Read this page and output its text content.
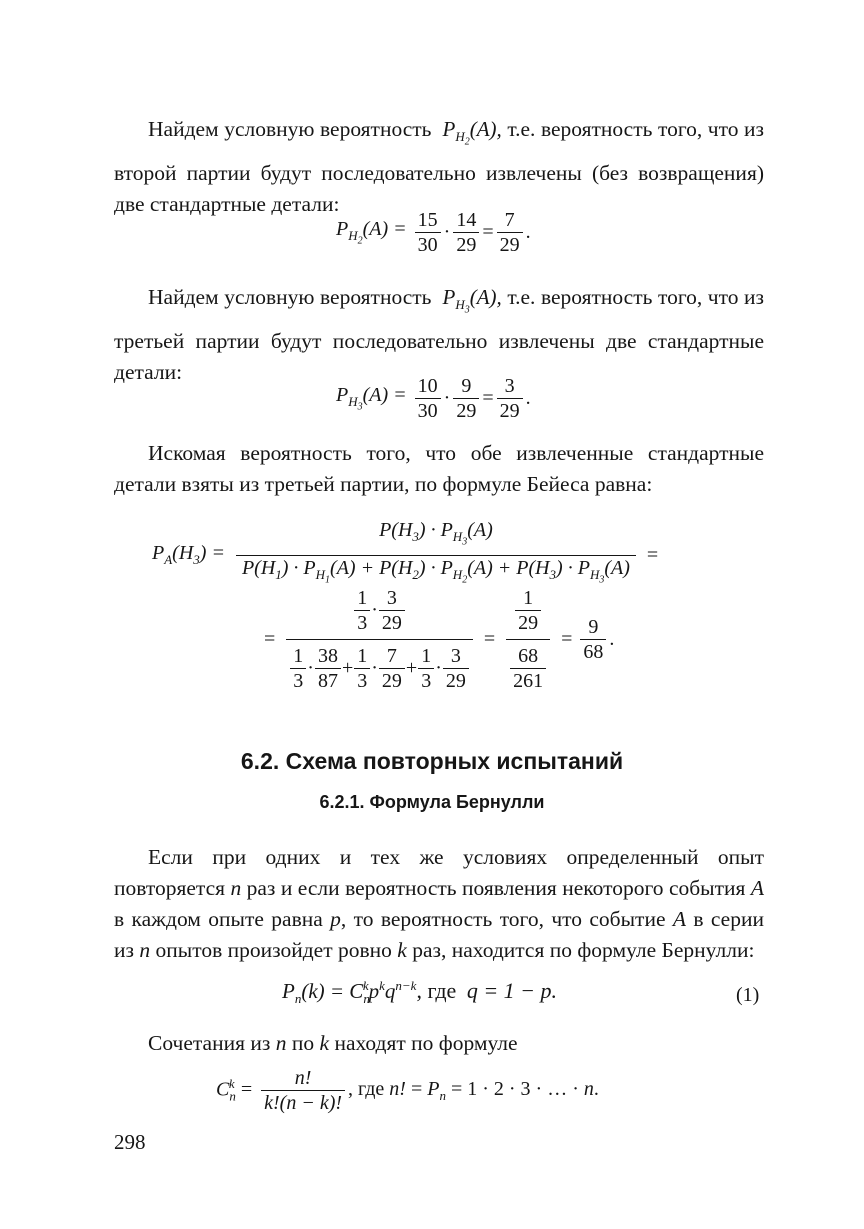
Найдем условную вероятность  $P_{H_2}(A)$, т.е. вероятность того, что из второй партии будут последовательно извлечены (без возвращения) две стандартные детали:
$P_{H_2}(A) = \frac{15}{30} \cdot \frac{14}{29} = \frac{7}{29}$ .
Найдем условную вероятность  $P_{H_3}(A)$, т.е. вероятность того, что из третьей партии будут последовательно извлечены две стандартные детали:
$P_{H_3}(A) = \frac{10}{30} \cdot \frac{9}{29} = \frac{3}{29}$ .
Искомая вероятность того, что обе извлеченные стандартные детали взяты из третьей партии, по формуле Бейеса равна:
$P_A(H_3) = \frac{P(H_3) \cdot P_{H_3}(A)}{P(H_1) \cdot P_{H_1}(A) + P(H_2) \cdot P_{H_2}(A) + P(H_3) \cdot P_{H_3}(A)}$ =
= $\frac{\frac{1}{3} \cdot \frac{3}{29}}{\frac{1}{3} \cdot \frac{38}{87} + \frac{1}{3} \cdot \frac{7}{29} + \frac{1}{3} \cdot \frac{3}{29}} = \frac{\frac{1}{29}}{\frac{68}{261}} = \frac{9}{68}$ .
6.2. Схема повторных испытаний
6.2.1. Формула Бернулли
Если при одних и тех же условиях определенный опыт повторяется n раз и если вероятность появления некоторого события A в каждом опыте равна p, то вероятность того, что событие A в серии из n опытов произойдет ровно k раз, находится по формуле Бернулли:
$P_n(k) = C_n^kp^kq^{n-k}$, где q = 1 − p.	(1)
Сочетания из n по k находят по формуле
$C_n^k = \frac{n!}{k!(n - k)!}$ , где n! = $P_n = 1 \cdot 2 \cdot 3$ · … · n.
298
